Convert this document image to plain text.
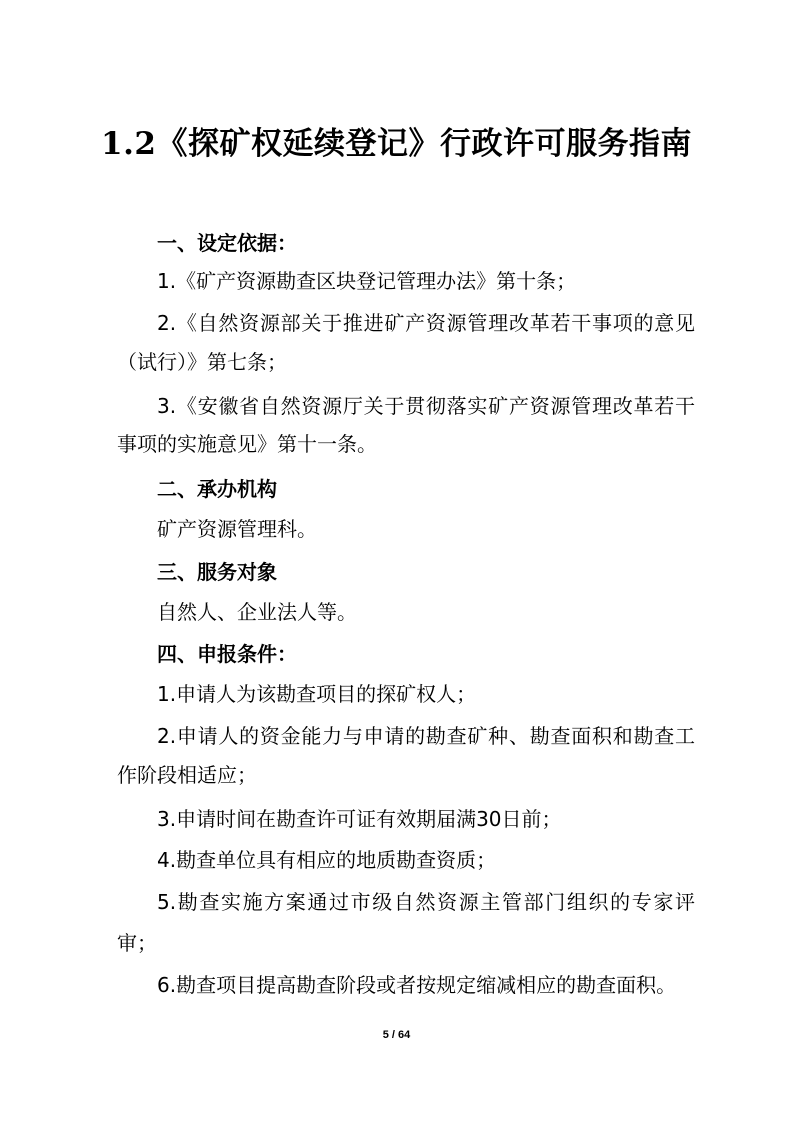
1.2《探矿权延续登记》行政许可服务指南
一、设定依据：
1.《矿产资源勘查区块登记管理办法》第十条；
2.《自然资源部关于推进矿产资源管理改革若干事项的意见
（试行）》第七条；
3.《安徽省自然资源厅关于贯彻落实矿产资源管理改革若干
事项的实施意见》第十一条。
二、承办机构
矿产资源管理科。
三、服务对象
自然人、企业法人等。
四、申报条件：
1.申请人为该勘查项目的探矿权人；
2.申请人的资金能力与申请的勘查矿种、勘查面积和勘查工
作阶段相适应；
3.申请时间在勘查许可证有效期届满30日前；
4.勘查单位具有相应的地质勘查资质；
5.勘查实施方案通过市级自然资源主管部门组织的专家评
审；
6.勘查项目提高勘查阶段或者按规定缩减相应的勘查面积。
5 / 64
